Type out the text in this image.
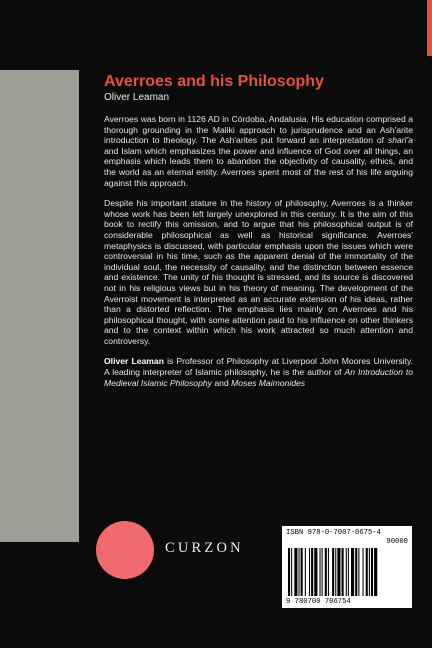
Averroes and his Philosophy

Oliver Leaman

Averroes was born in 1126 AD in Córdoba, Andalusia. His education comprised a thorough grounding in the Maliki approach to jurisprudence and an Ash'arite introduction to theology. The Ash'arites put forward an interpretation of sharī'a and Islam which emphasizes the power and influence of God over all things, an emphasis which leads them to abandon the objectivity of causality, ethics, and the world as an eternal entity. Averroes spent most of the rest of his life arguing against this approach.

Despite his important stature in the history of philosophy, Averroes is a thinker whose work has been left largely unexplored in this century. It is the aim of this book to rectify this omission, and to argue that his philosophical output is of considerable philosophical as well as historical significance. Averroes' metaphysics is discussed, with particular emphasis upon the issues which were controversial in his time, such as the apparent denial of the immortality of the individual soul, the necessity of causality, and the distinction between essence and existence. The unity of his thought is stressed, and its source is discovered not in his religious views but in his theory of meaning. The development of the Averroist movement is interpreted as an accurate extension of his ideas, rather than a distorted reflection. The emphasis lies mainly on Averroes and his philosophical thought, with some attention paid to his influence on other thinkers and to the context within which his work attracted so much attention and controversy.

Oliver Leaman is Professor of Philosophy at Liverpool John Moores University. A leading interpreter of Islamic philosophy, he is the author of An Introduction to Medieval Islamic Philosophy and Moses Maimonides

CURZON
ISBN 978-0-7007-0675-4
90000
9 780700 706754
